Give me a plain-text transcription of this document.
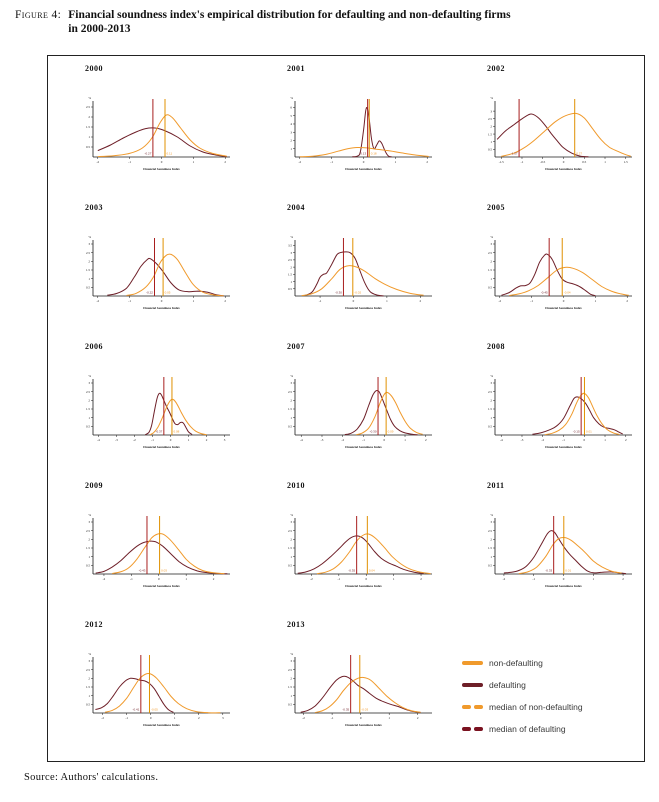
Figure 4: Financial soundness index's empirical distribution for defaulting and non-defaulting firms
in 2000-2013
2000
-2	-1	0	1	2
0.5
1
1.5
2
2.5
%
Financial Soundness Index
-0.27	0.11
2001
-2	-1	0	1	2
1
2
3
4
5
6
%
Financial Soundness Index
0.13 0.18
2002
-1.5	-1	-0.5	0	0.5	1	1.5
0.5
1
1.5
2
2.5
3
%
Financial Soundness Index
-1.07	0.27
2003
-2	-1	0	1	2
0.5
1
1.5
2
2.5
3
%
Financial Soundness Index
-0.22	0.05
2004
-1	0	1	2
0.5
1
1.5
2
2.5
3
3.5
%
Financial Soundness Index
-0.30	-0.02
2005
-2	-1	0	1	2
0.5
1
1.5
2
2.5
3
%
Financial Soundness Index
-0.45	-0.04
2006
-4	-3	-2	-1	0	1	2	3
0.5
1
1.5
2
2.5
3
%
Financial Soundness Index
-0.37	0.08
2007
-4	-3	-2	-1	0	1	2
0.5
1
1.5
2
2.5
3
%
Financial Soundness Index
-0.30	0.09
2008
-4	-3	-2	-1	0	1	2
0.5
1
1.5
2
2.5
3
%
Financial Soundness Index
-0.15 0.01
2009
-2	-1	0	1	2
0.5
1
1.5
2
2.5
3
%
Financial Soundness Index
-0.43	0.03
2010
-2	-1	0	1	2
0.5
1
1.5
2
2.5
3
%
Financial Soundness Index
-0.35	0.04
2011
-2	-1	0	1	2
0.5
1
1.5
2
2.5
3
%
Financial Soundness Index
-0.33	0.01
2012
-2	-1	0	1	2	3
0.5
1
1.5
2
2.5
3
%
Financial Soundness Index
-0.41	-0.05
2013
-2	-1	0	1	2
0.5
1
1.5
2
2.5
3
%
Financial Soundness Index
-0.35	-0.03
non-defaulting
defaulting
median of non-defaulting
median of defaulting
Source: Authors' calculations.
